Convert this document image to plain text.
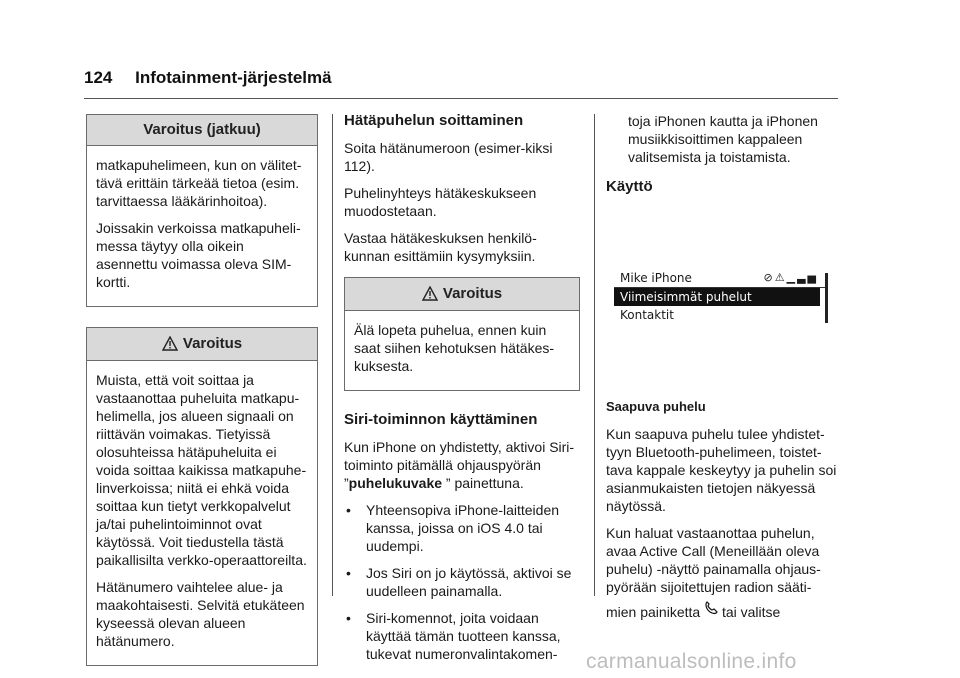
124 Infotainment-järjestelmä
Varoitus (jatkuu)

matkapuhelimeen, kun on välitet-tävä erittäin tärkeää tietoa (esim. tarvittaessa lääkärinhoitoa).

Joissakin verkoissa matkapuheli-messa täytyy olla oikein asennettu voimassa oleva SIM-kortti.

Varoitus

Muista, että voit soittaa ja vastaanottaa puheluita matkapu-helimella, jos alueen signaali on riittävän voimakas. Tietyissä olosuhteissa hätäpuheluita ei voida soittaa kaikissa matkapuhe-linverkoissa; niitä ei ehkä voida soittaa kun tietyt verkkopalvelut ja/tai puhelintoiminnot ovat käytössä. Voit tiedustella tästä paikallisilta verkko-operaattoreilta.

Hätänumero vaihtelee alue- ja maakohtaisesti. Selvitä etukäteen kyseessä olevan alueen hätänumero.

Hätäpuhelun soittaminen

Soita hätänumeroon (esimer-kiksi 112).

Puhelinyhteys hätäkeskukseen muodostetaan.

Vastaa hätäkeskuksen henkilö-kunnan esittämiin kysymyksiin.

Varoitus

Älä lopeta puhelua, ennen kuin saat siihen kehotuksen hätäkes-kuksesta.

Siri-toiminnon käyttäminen

Kun iPhone on yhdistetty, aktivoi Siri-toiminto pitämällä ohjauspyörän ”puhelukuvake ” painettuna.

• Yhteensopiva iPhone-laitteiden kanssa, joissa on iOS 4.0 tai uudempi.
• Jos Siri on jo käytössä, aktivoi se uudelleen painamalla.
• Siri-komennot, joita voidaan käyttää tämän tuotteen kanssa, tukevat numeronvalintakomen-

toja iPhonen kautta ja iPhonen musiikkisoittimen kappaleen valitsemista ja toistamista.

Käyttö
Mike iPhone	⊘⚠▁▃▅
Viimeisimmät puhelut
Kontaktit
Saapuva puhelu

Kun saapuva puhelu tulee yhdistet-tyyn Bluetooth-puhelimeen, toistet-tava kappale keskeytyy ja puhelin soi asianmukaisten tietojen näkyessä näytössä.

Kun haluat vastaanottaa puhelun, avaa Active Call (Meneillään oleva puhelu) -näyttö painamalla ohjaus-pyörään sijoitettujen radion sääti-

mien painiketta tai valitse

carmanualsonline.info
